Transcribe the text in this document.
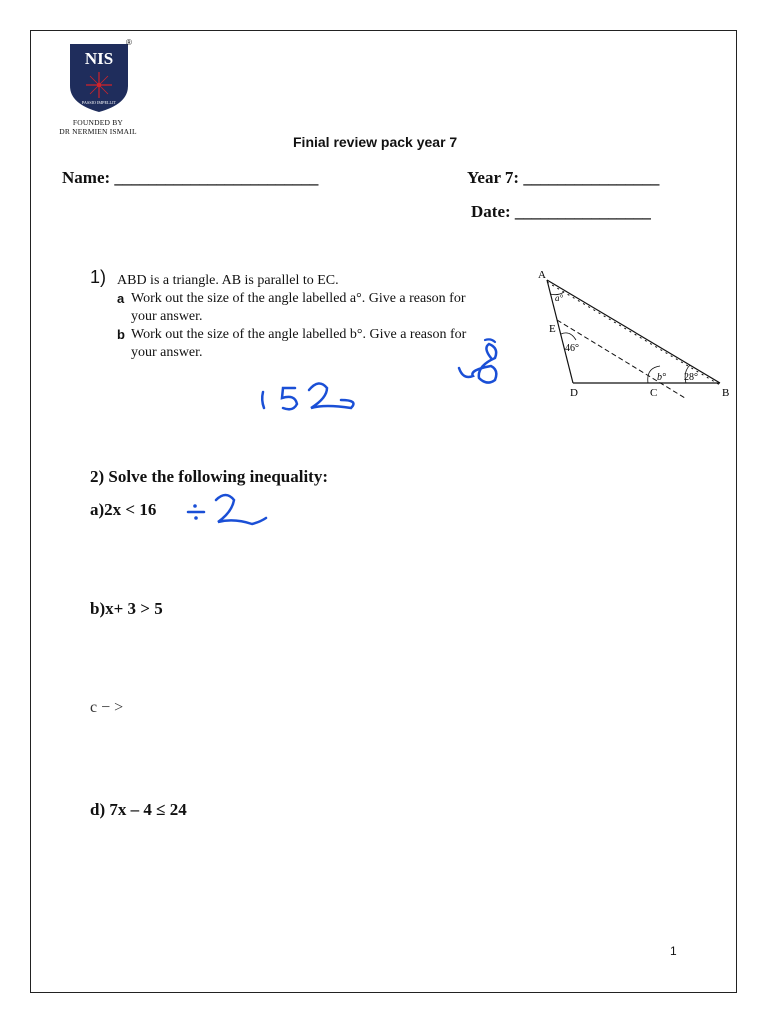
NIS
PASSIO IMPELLIT
®
FOUNDED BY
DR NERMIEN ISMAIL
Finial review pack year 7
Name: ________________________	Year 7: ________________
Date: ________________
1) ABD is a triangle. AB is parallel to EC.
a Work out the size of the angle labelled a°. Give a reason for your answer.
b Work out the size of the angle labelled b°. Give a reason for your answer.
A
E
D	C	B
a°
46°
b° 28°
2) Solve the following inequality:
a)2x < 16
b)x+ 3 > 5
c − >
d) 7x – 4 ≤ 24
1
